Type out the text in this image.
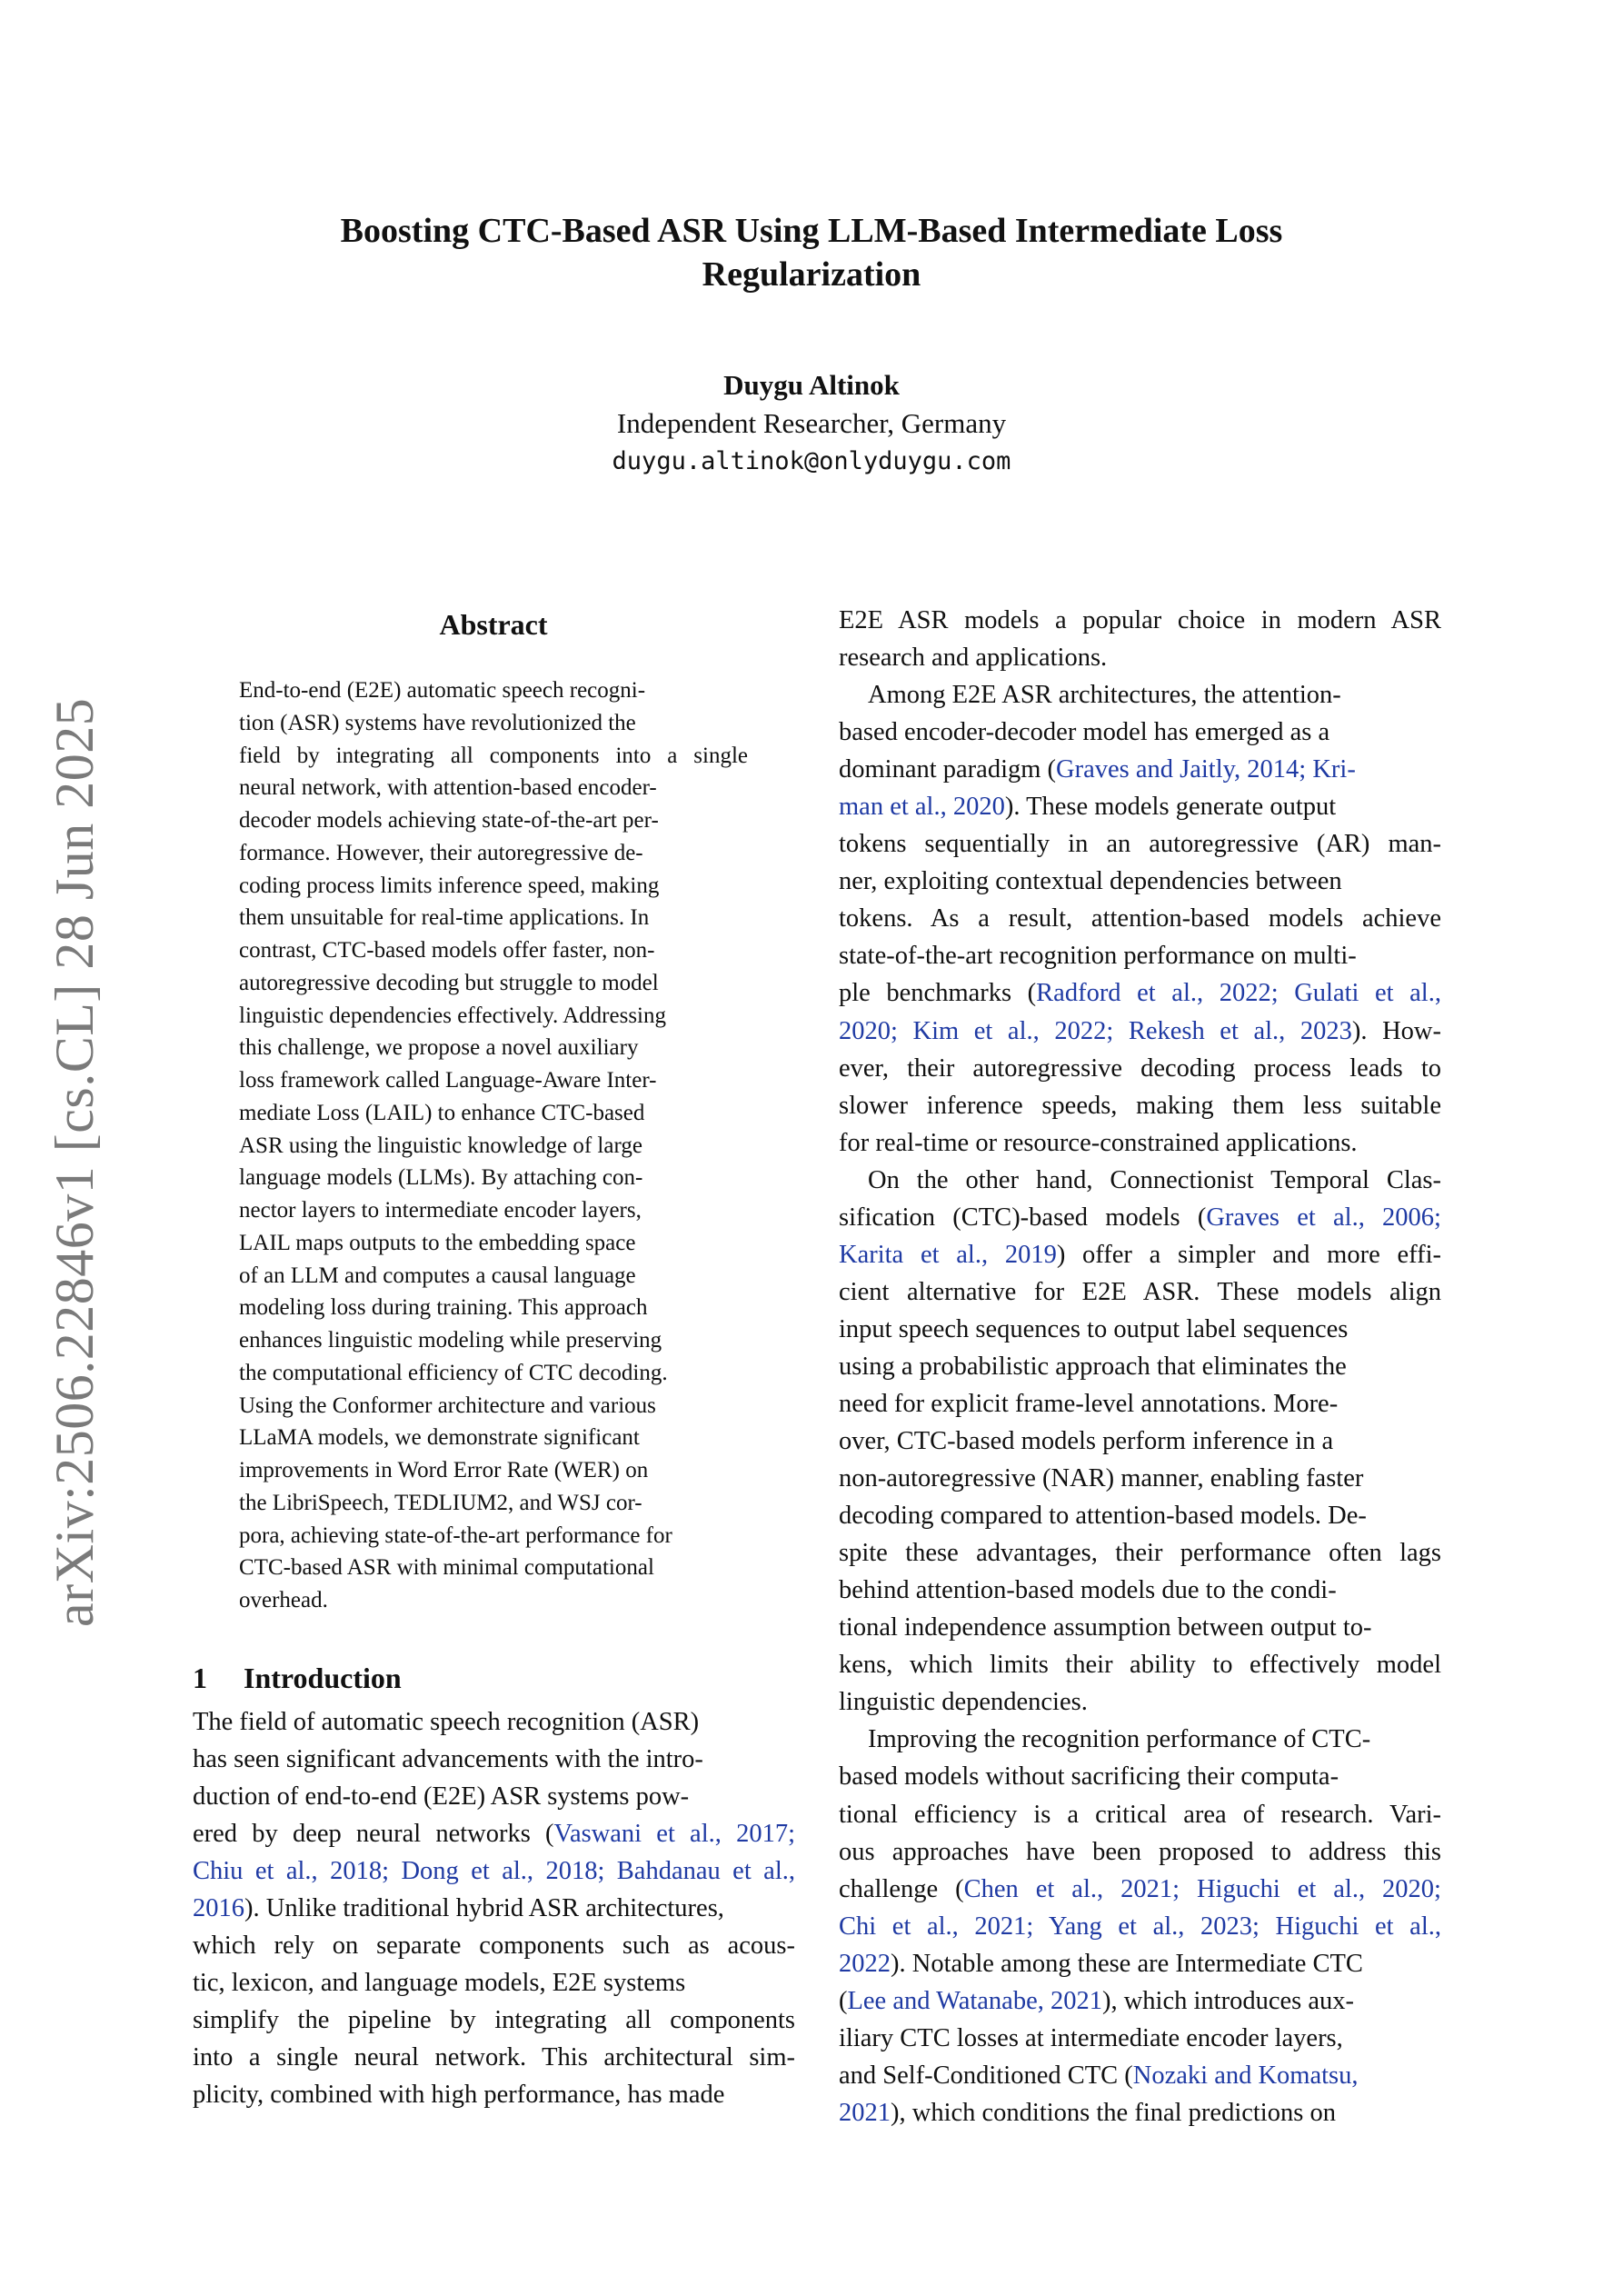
arXiv:2506.22846v1 [cs.CL] 28 Jun 2025
Boosting CTC-Based ASR Using LLM-Based Intermediate Loss
Regularization
Duygu Altinok
Independent Researcher, Germany
duygu.altinok@onlyduygu.com
Abstract
End-to-end (E2E) automatic speech recogni-
tion (ASR) systems have revolutionized the
field by integrating all components into a single
neural network, with attention-based encoder-
decoder models achieving state-of-the-art per-
formance. However, their autoregressive de-
coding process limits inference speed, making
them unsuitable for real-time applications. In
contrast, CTC-based models offer faster, non-
autoregressive decoding but struggle to model
linguistic dependencies effectively. Addressing
this challenge, we propose a novel auxiliary
loss framework called Language-Aware Inter-
mediate Loss (LAIL) to enhance CTC-based
ASR using the linguistic knowledge of large
language models (LLMs). By attaching con-
nector layers to intermediate encoder layers,
LAIL maps outputs to the embedding space
of an LLM and computes a causal language
modeling loss during training. This approach
enhances linguistic modeling while preserving
the computational efficiency of CTC decoding.
Using the Conformer architecture and various
LLaMA models, we demonstrate significant
improvements in Word Error Rate (WER) on
the LibriSpeech, TEDLIUM2, and WSJ cor-
pora, achieving state-of-the-art performance for
CTC-based ASR with minimal computational
overhead.
1 Introduction
The field of automatic speech recognition (ASR)
has seen significant advancements with the intro-
duction of end-to-end (E2E) ASR systems pow-
ered by deep neural networks (Vaswani et al., 2017;
Chiu et al., 2018; Dong et al., 2018; Bahdanau et al.,
2016). Unlike traditional hybrid ASR architectures,
which rely on separate components such as acous-
tic, lexicon, and language models, E2E systems
simplify the pipeline by integrating all components
into a single neural network. This architectural sim-
plicity, combined with high performance, has made
E2E ASR models a popular choice in modern ASR
research and applications.
Among E2E ASR architectures, the attention-
based encoder-decoder model has emerged as a
dominant paradigm (Graves and Jaitly, 2014; Kri-
man et al., 2020). These models generate output
tokens sequentially in an autoregressive (AR) man-
ner, exploiting contextual dependencies between
tokens. As a result, attention-based models achieve
state-of-the-art recognition performance on multi-
ple benchmarks (Radford et al., 2022; Gulati et al.,
2020; Kim et al., 2022; Rekesh et al., 2023). How-
ever, their autoregressive decoding process leads to
slower inference speeds, making them less suitable
for real-time or resource-constrained applications.
On the other hand, Connectionist Temporal Clas-
sification (CTC)-based models (Graves et al., 2006;
Karita et al., 2019) offer a simpler and more effi-
cient alternative for E2E ASR. These models align
input speech sequences to output label sequences
using a probabilistic approach that eliminates the
need for explicit frame-level annotations. More-
over, CTC-based models perform inference in a
non-autoregressive (NAR) manner, enabling faster
decoding compared to attention-based models. De-
spite these advantages, their performance often lags
behind attention-based models due to the condi-
tional independence assumption between output to-
kens, which limits their ability to effectively model
linguistic dependencies.
Improving the recognition performance of CTC-
based models without sacrificing their computa-
tional efficiency is a critical area of research. Vari-
ous approaches have been proposed to address this
challenge (Chen et al., 2021; Higuchi et al., 2020;
Chi et al., 2021; Yang et al., 2023; Higuchi et al.,
2022). Notable among these are Intermediate CTC
(Lee and Watanabe, 2021), which introduces aux-
iliary CTC losses at intermediate encoder layers,
and Self-Conditioned CTC (Nozaki and Komatsu,
2021), which conditions the final predictions on
